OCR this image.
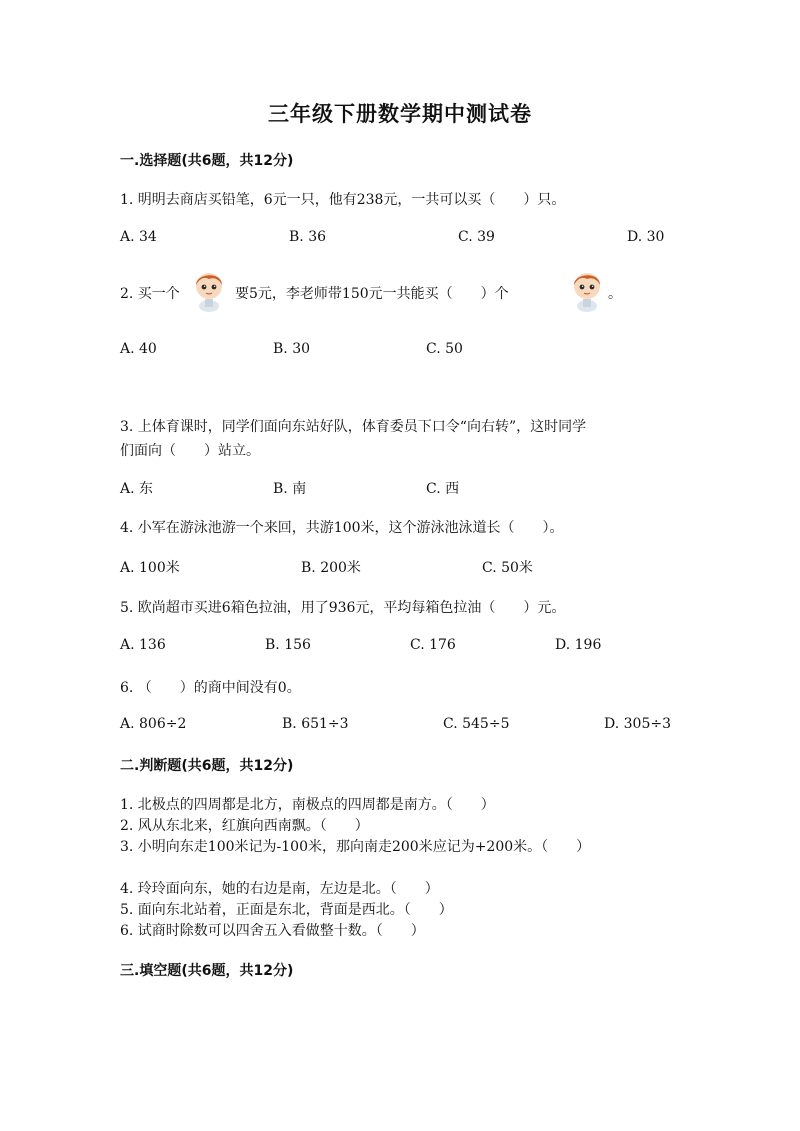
三年级下册数学期中测试卷
一.选择题(共6题，共12分)
1. 明明去商店买铅笔，6元一只，他有238元，一共可以买（　　）只。
A. 34	B. 36	C. 39	D. 30
2. 买一个	要5元，李老师带150元一共能买（　　）个	。
A. 40	B. 30	C. 50
3. 上体育课时，同学们面向东站好队，体育委员下口令“向右转”，这时同学
们面向（　　）站立。
A. 东	B. 南	C. 西
4. 小军在游泳池游一个来回，共游100米，这个游泳池泳道长（　　）。
A. 100米	B. 200米	C. 50米
5. 欧尚超市买进6箱色拉油，用了936元，平均每箱色拉油（　　）元。
A. 136	B. 156	C. 176	D. 196
6. （　　）的商中间没有0。
A. 806÷2	B. 651÷3	C. 545÷5	D. 305÷3
二.判断题(共6题，共12分)
1. 北极点的四周都是北方，南极点的四周都是南方。（　　）
2. 风从东北来，红旗向西南飘。（　　）
3. 小明向东走100米记为-100米，那向南走200米应记为+200米。（　　）
4. 玲玲面向东，她的右边是南，左边是北。（　　）
5. 面向东北站着，正面是东北，背面是西北。（　　）
6. 试商时除数可以四舍五入看做整十数。（　　）
三.填空题(共6题，共12分)
